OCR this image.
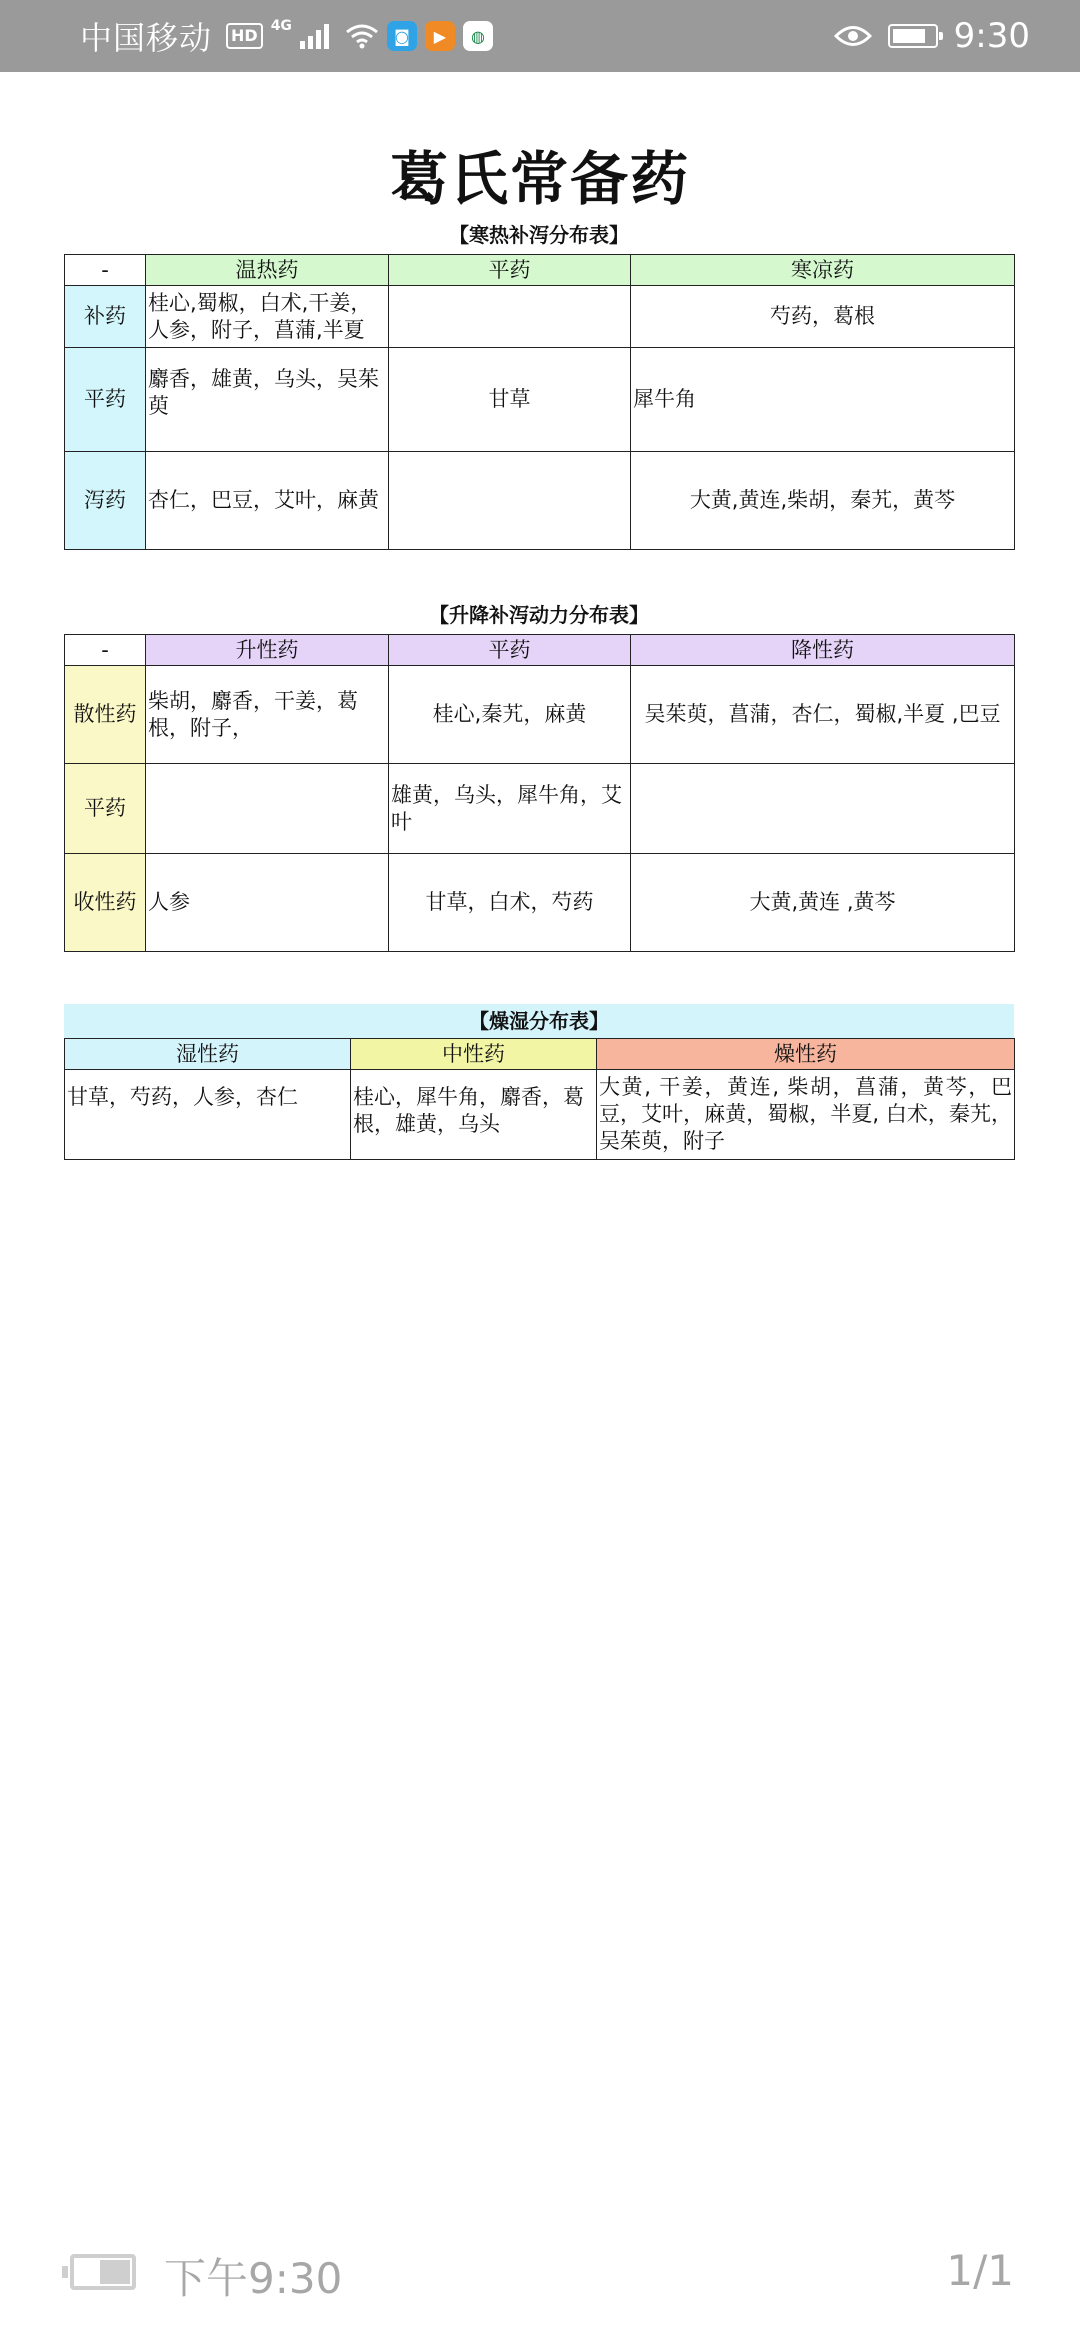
中国移动	HD 4G
◙	▶	◍	9:30
葛氏常备药
【寒热补泻分布表】
-	温热药	平药	寒凉药
补药	桂心,蜀椒，白术,干姜，人参，附子，菖蒲,半夏		芍药，葛根
平药	麝香，雄黄，乌头，吴茱萸	甘草	犀牛角
泻药	杏仁，巴豆，艾叶，麻黄		大黄,黄连,柴胡，秦艽，黄芩
【升降补泻动力分布表】
-	升性药	平药	降性药
散性药	柴胡，麝香，干姜，葛根，附子，	桂心,秦艽，麻黄	吴茱萸，菖蒲，杏仁，蜀椒,半夏 ,巴豆
平药		雄黄，乌头，犀牛角，艾叶	
收性药	人参	甘草，白术，芍药	大黄,黄连 ,黄芩
【燥湿分布表】
湿性药	中性药	燥性药
甘草，芍药，人参，杏仁	桂心，犀牛角，麝香，葛根，雄黄，乌头	大黄, 干姜，黄连, 柴胡，菖蒲，黄芩，巴豆，艾叶，麻黄，蜀椒，半夏, 白术，秦艽，吴茱萸，附子
下午9:30	1/1
